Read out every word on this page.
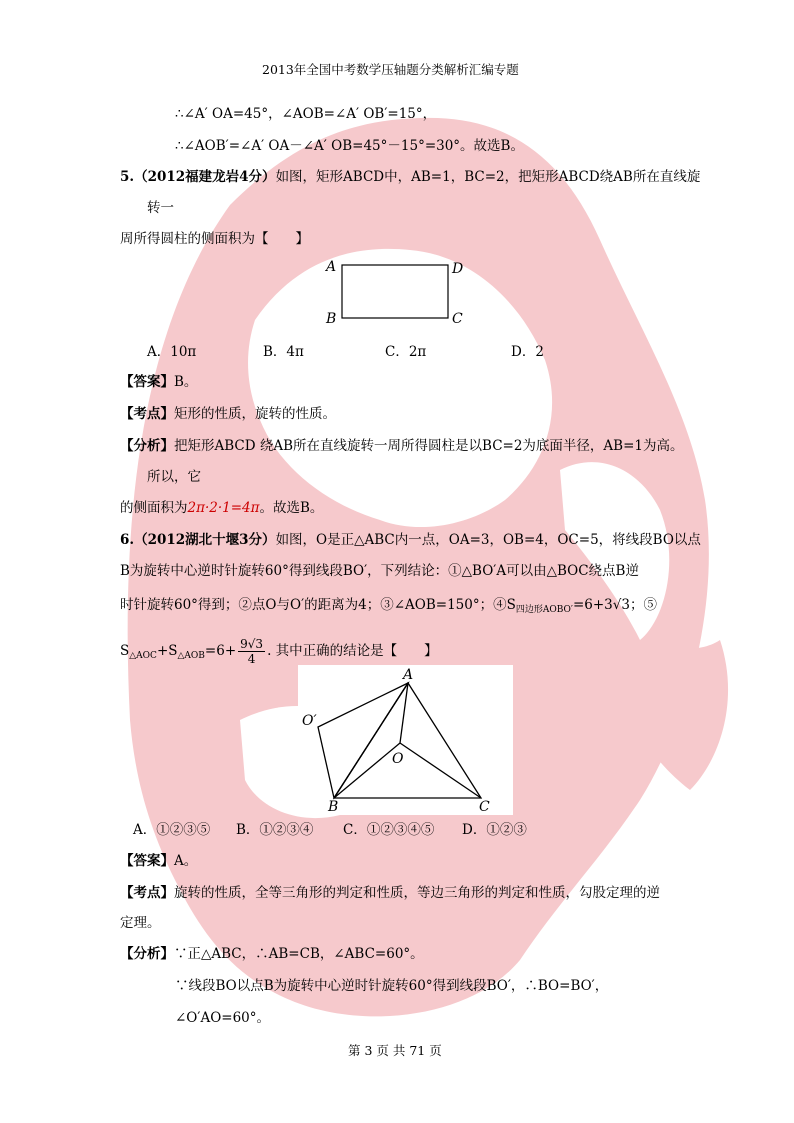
2013年全国中考数学压轴题分类解析汇编专题
∴∠A′ OA=45°，∠AOB=∠A′ OB′=15°，
∴∠AOB′=∠A′ OA－∠A′ OB=45°－15°=30°。故选B。
5.（2012福建龙岩4分）如图，矩形ABCD中，AB=1，BC=2，把矩形ABCD绕AB所在直线旋
转一
周所得圆柱的侧面积为【　　】
A	D
B	C
A．10π	B．4π	C．2π	D．2
【答案】B。
【考点】矩形的性质，旋转的性质。
【分析】把矩形ABCD 绕AB所在直线旋转一周所得圆柱是以BC=2为底面半径，AB=1为高。
所以，它
的侧面积为2π·2·1=4π。故选B。
6.（2012湖北十堰3分）如图，O是正△ABC内一点，OA=3，OB=4，OC=5，将线段BO以点
B为旋转中心逆时针旋转60°得到线段BO′，下列结论：①△BO′A可以由△BOC绕点B逆
时针旋转60°得到；②点O与O′的距离为4；③∠AOB=150°；$④S_{四边形AOBO'}=6+3√3$；⑤
$S_{\triangle AOC}+S_{\triangle AOB}=6+ \frac{9√3}{4}$ . 其中正确的结论是【　　】
A
O′
O
B	C
A．①②③⑤ B．①②③④ C．①②③④⑤ D．①②③
【答案】A。
【考点】旋转的性质，全等三角形的判定和性质，等边三角形的判定和性质，勾股定理的逆
定理。
【分析】∵正△ABC，∴AB=CB，∠ABC=60°。
∵线段BO以点B为旋转中心逆时针旋转60°得到线段BO′，∴BO=BO′，
∠O′AO=60°。
第 3 页 共 71 页
